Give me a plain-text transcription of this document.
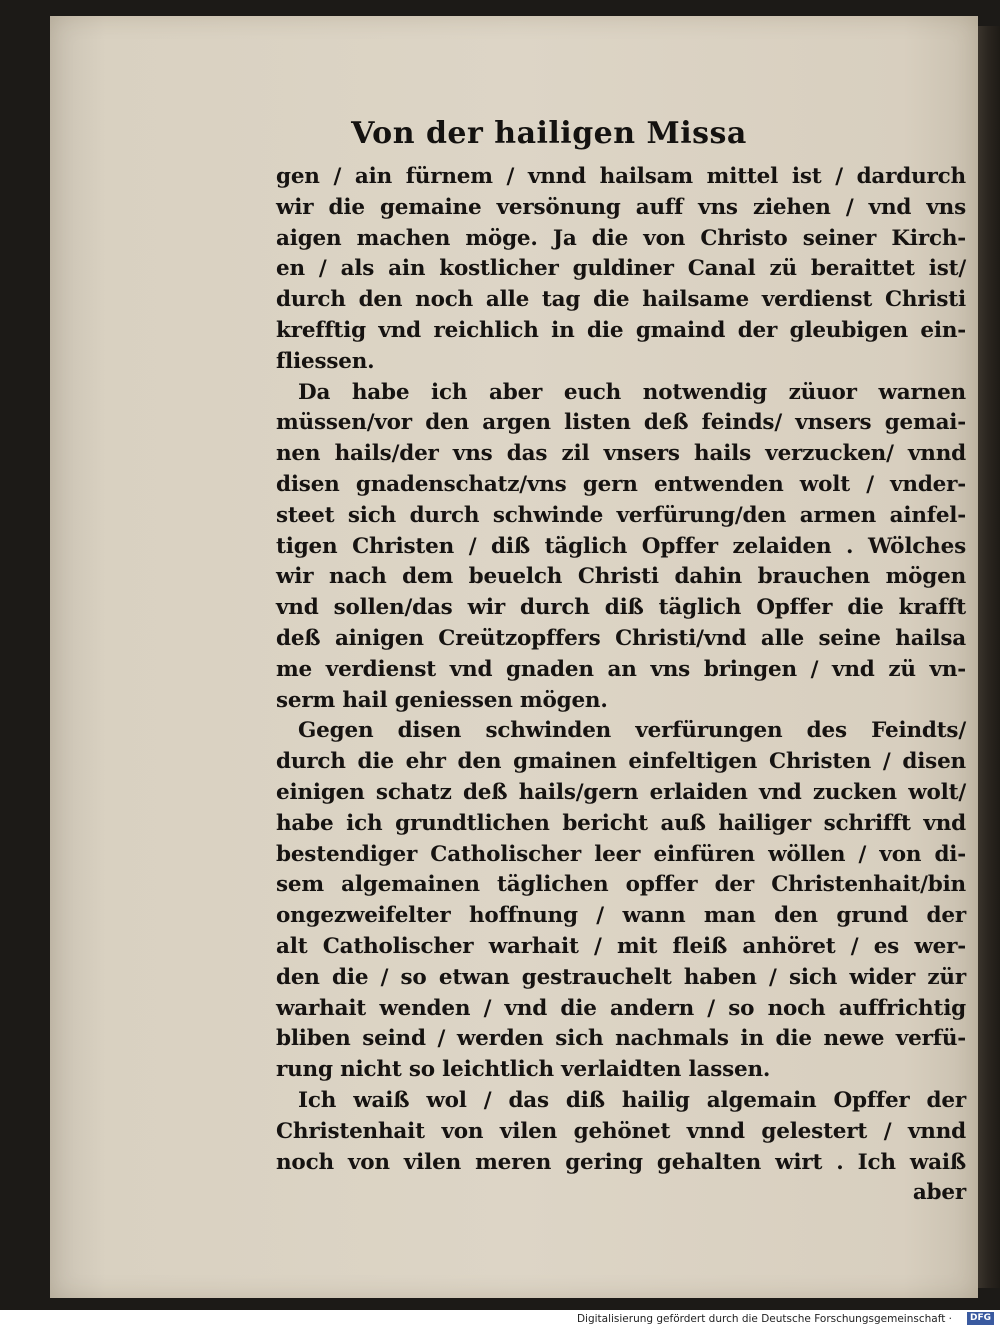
Von der hailigen Missa
gen / ain fürnem / vnnd hailsam mittel ist / dardurch
wir die gemaine versönung auff vns ziehen / vnd vns
aigen machen möge. Ja die von Christo seiner Kirch-
en / als ain kostlicher guldiner Canal zü beraittet ist/
durch den noch alle tag die hailsame verdienst Christi
krefftig vnd reichlich in die gmaind der gleubigen ein-
fliessen.
Da habe ich aber euch notwendig züuor warnen
müssen/vor den argen listen deß feinds/ vnsers gemai-
nen hails/der vns das zil vnsers hails verzucken/ vnnd
disen gnadenschatz/vns gern entwenden wolt / vnder-
steet sich durch schwinde verfürung/den armen ainfel-
tigen Christen / diß täglich Opffer zelaiden . Wölches
wir nach dem beuelch Christi dahin brauchen mögen
vnd sollen/das wir durch diß täglich Opffer die krafft
deß ainigen Creützopffers Christi/vnd alle seine hailsa
me verdienst vnd gnaden an vns bringen / vnd zü vn-
serm hail geniessen mögen.
Gegen disen schwinden verfürungen des Feindts/
durch die ehr den gmainen einfeltigen Christen / disen
einigen schatz deß hails/gern erlaiden vnd zucken wolt/
habe ich grundtlichen bericht auß hailiger schrifft vnd
bestendiger Catholischer leer einfüren wöllen / von di-
sem algemainen täglichen opffer der Christenhait/bin
ongezweifelter hoffnung / wann man den grund der
alt Catholischer warhait / mit fleiß anhöret / es wer-
den die / so etwan gestrauchelt haben / sich wider zür
warhait wenden / vnd die andern / so noch auffrichtig
bliben seind / werden sich nachmals in die newe verfü-
rung nicht so leichtlich verlaidten lassen.
Ich waiß wol / das diß hailig algemain Opffer der
Christenhait von vilen gehönet vnnd gelestert / vnnd
noch von vilen meren gering gehalten wirt . Ich waiß
aber
Digitalisierung gefördert durch die Deutsche Forschungsgemeinschaft ·	DFG
